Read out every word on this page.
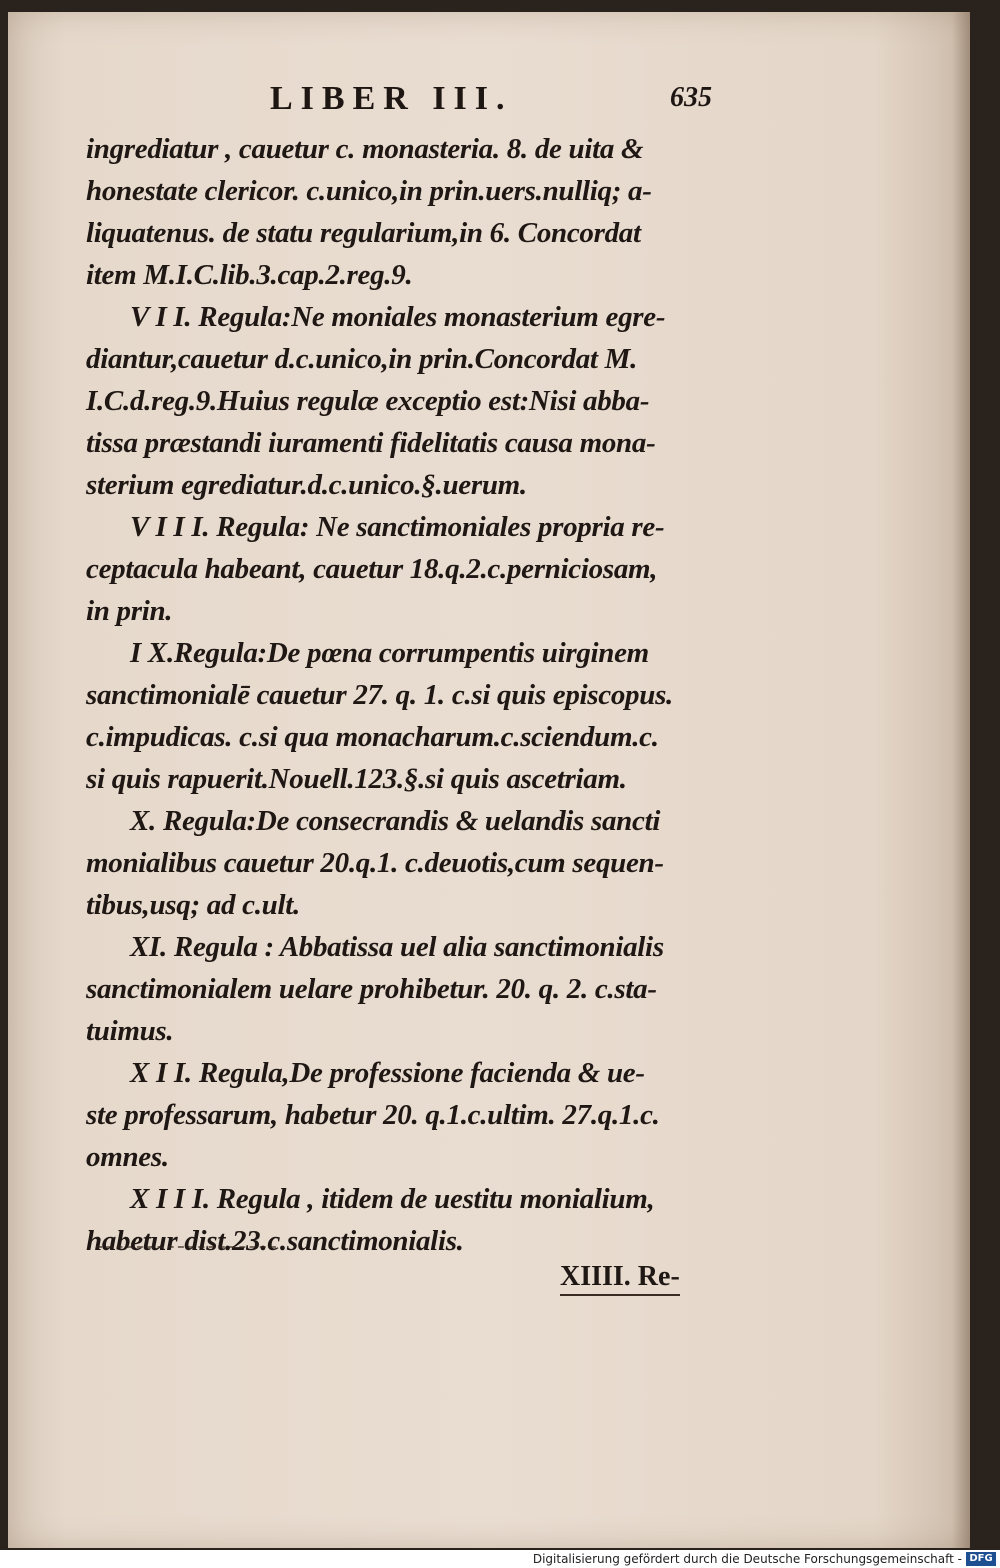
LIBER III.	635
ingrediatur , cauetur c. monasteria. 8. de uita &
honestate clericor. c.unico,in prin.uers.nulliq; a-
liquatenus. de statu regularium,in 6. Concordat
item M.I.C.lib.3.cap.2.reg.9.
V I I. Regula:Ne moniales monasterium egre-
diantur,cauetur d.c.unico,in prin.Concordat M.
I.C.d.reg.9.Huius regulæ exceptio est:Nisi abba-
tissa præstandi iuramenti fidelitatis causa mona-
sterium egrediatur.d.c.unico.§.uerum.
V I I I. Regula: Ne sanctimoniales propria re-
ceptacula habeant, cauetur 18.q.2.c.perniciosam,
in prin.
I X.Regula:De pœna corrumpentis uirginem
sanctimonialē cauetur 27. q. 1. c.si quis episcopus.
c.impudicas. c.si qua monacharum.c.sciendum.c.
si quis rapuerit.Nouell.123.§.si quis ascetriam.
X. Regula:De consecrandis & uelandis sancti
monialibus cauetur 20.q.1. c.deuotis,cum sequen-
tibus,usq; ad c.ult.
XI. Regula : Abbatissa uel alia sanctimonialis
sanctimonialem uelare prohibetur. 20. q. 2. c.sta-
tuimus.
X I I. Regula,De professione facienda & ue-
ste professarum, habetur 20. q.1.c.ultim. 27.q.1.c.
omnes.
X I I I. Regula , itidem de uestitu monialium,
habetur dist.23.c.sanctimonialis.
XIIII. Re-
Digitalisierung gefördert durch die Deutsche Forschungsgemeinschaft - DFG
